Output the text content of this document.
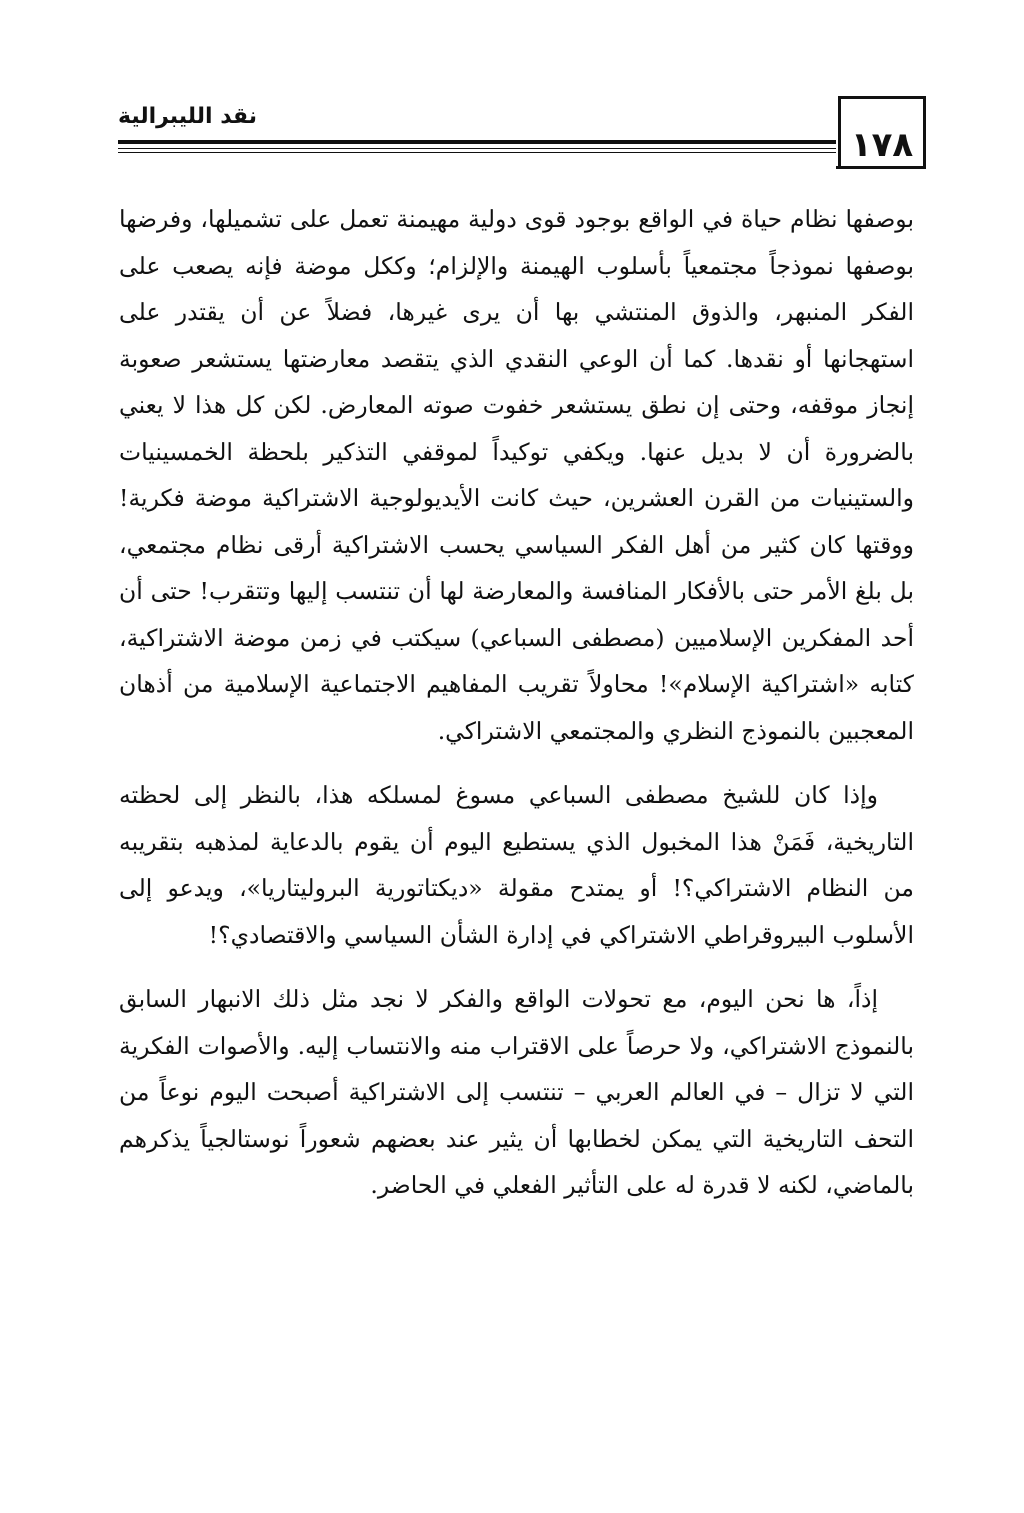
١٧٨
نقد الليبرالية

بوصفها نظام حياة في الواقع بوجود قوى دولية مهيمنة تعمل على تشميلها، وفرضها بوصفها نموذجاً مجتمعياً بأسلوب الهيمنة والإلزام؛ وككل موضة فإنه يصعب على الفكر المنبهر، والذوق المنتشي بها أن يرى غيرها، فضلاً عن أن يقتدر على استهجانها أو نقدها. كما أن الوعي النقدي الذي يتقصد معارضتها يستشعر صعوبة إنجاز موقفه، وحتى إن نطق يستشعر خفوت صوته المعارض. لكن كل هذا لا يعني بالضرورة أن لا بديل عنها. ويكفي توكيداً لموقفي التذكير بلحظة الخمسينيات والستينيات من القرن العشرين، حيث كانت الأيديولوجية الاشتراكية موضة فكرية! ووقتها كان كثير من أهل الفكر السياسي يحسب الاشتراكية أرقى نظام مجتمعي، بل بلغ الأمر حتى بالأفكار المنافسة والمعارضة لها أن تنتسب إليها وتتقرب! حتى أن أحد المفكرين الإسلاميين (مصطفى السباعي) سيكتب في زمن موضة الاشتراكية، كتابه «اشتراكية الإسلام»! محاولاً تقريب المفاهيم الاجتماعية الإسلامية من أذهان المعجبين بالنموذج النظري والمجتمعي الاشتراكي.

وإذا كان للشيخ مصطفى السباعي مسوغ لمسلكه هذا، بالنظر إلى لحظته التاريخية، فَمَنْ هذا المخبول الذي يستطيع اليوم أن يقوم بالدعاية لمذهبه بتقريبه من النظام الاشتراكي؟! أو يمتدح مقولة «ديكتاتورية البروليتاريا»، ويدعو إلى الأسلوب البيروقراطي الاشتراكي في إدارة الشأن السياسي والاقتصادي؟!

إذاً، ها نحن اليوم، مع تحولات الواقع والفكر لا نجد مثل ذلك الانبهار السابق بالنموذج الاشتراكي، ولا حرصاً على الاقتراب منه والانتساب إليه. والأصوات الفكرية التي لا تزال – في العالم العربي – تنتسب إلى الاشتراكية أصبحت اليوم نوعاً من التحف التاريخية التي يمكن لخطابها أن يثير عند بعضهم شعوراً نوستالجياً يذكرهم بالماضي، لكنه لا قدرة له على التأثير الفعلي في الحاضر.
